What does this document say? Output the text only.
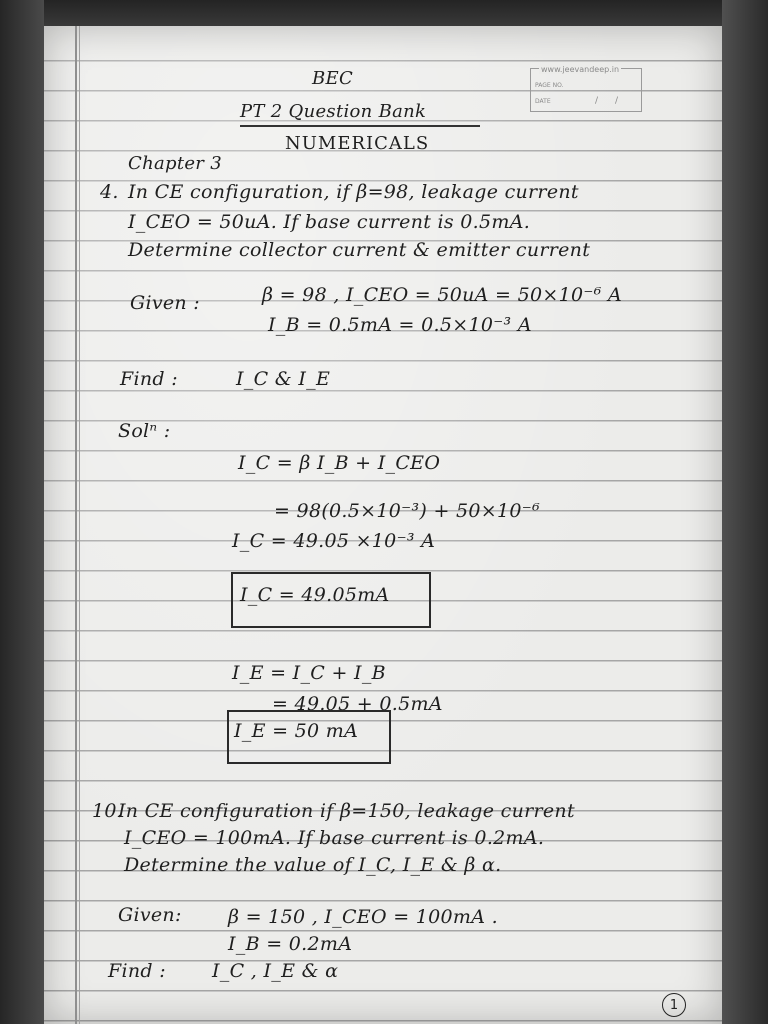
www.jeevandeep.in
PAGE NO.
DATE	/ /
BEC
PT 2 Question Bank
NUMERICALS
Chapter 3
4. In CE configuration, if β=98, leakage current
I_CEO = 50uA. If base current is 0.5mA.
Determine collector current & emitter current
Given :	β = 98 , I_CEO = 50uA = 50×10⁻⁶ A
I_B = 0.5mA = 0.5×10⁻³ A
Find :	I_C & I_E
Solⁿ :
I_C = β I_B + I_CEO
= 98(0.5×10⁻³) + 50×10⁻⁶
I_C = 49.05 ×10⁻³ A
I_C = 49.05mA
I_E = I_C + I_B
= 49.05 + 0.5mA
I_E = 50 mA
10.
In CE configuration if β=150, leakage current
I_CEO = 100mA. If base current is 0.2mA.
Determine the value of I_C, I_E & β α.
Given: β = 150 , I_CEO = 100mA .
I_B = 0.2mA
Find : I_C , I_E & α
1
